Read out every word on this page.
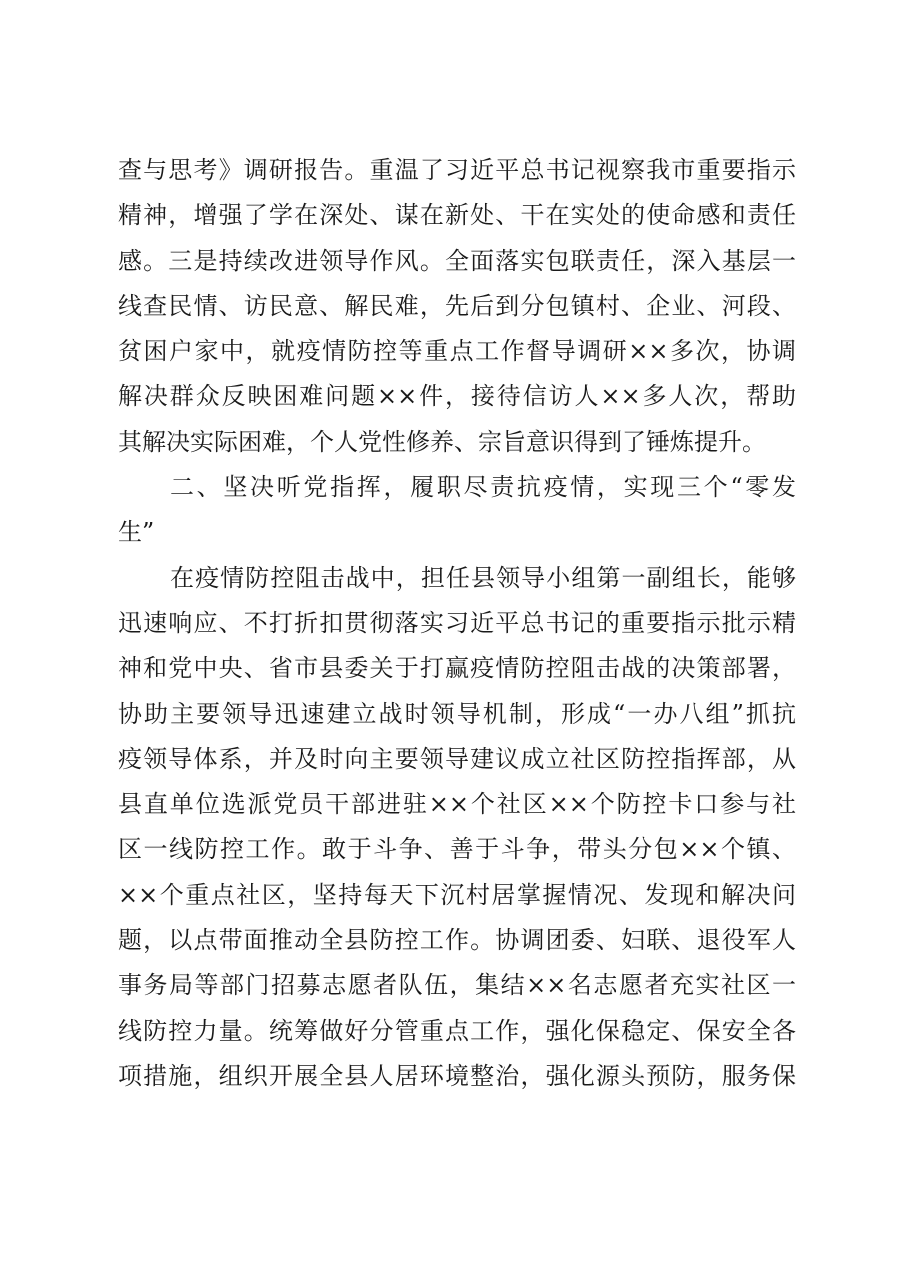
查与思考》调研报告。重温了习近平总书记视察我市重要指示
精神，增强了学在深处、谋在新处、干在实处的使命感和责任
感。三是持续改进领导作风。全面落实包联责任，深入基层一
线查民情、访民意、解民难，先后到分包镇村、企业、河段、
贫困户家中，就疫情防控等重点工作督导调研××多次，协调
解决群众反映困难问题××件，接待信访人××多人次，帮助
其解决实际困难，个人党性修养、宗旨意识得到了锤炼提升。
二、坚决听党指挥，履职尽责抗疫情，实现三个“零发
生”
在疫情防控阻击战中，担任县领导小组第一副组长，能够
迅速响应、不打折扣贯彻落实习近平总书记的重要指示批示精
神和党中央、省市县委关于打赢疫情防控阻击战的决策部署，
协助主要领导迅速建立战时领导机制，形成“一办八组”抓抗
疫领导体系，并及时向主要领导建议成立社区防控指挥部，从
县直单位选派党员干部进驻××个社区××个防控卡口参与社
区一线防控工作。敢于斗争、善于斗争，带头分包××个镇、
××个重点社区，坚持每天下沉村居掌握情况、发现和解决问
题，以点带面推动全县防控工作。协调团委、妇联、退役军人
事务局等部门招募志愿者队伍，集结××名志愿者充实社区一
线防控力量。统筹做好分管重点工作，强化保稳定、保安全各
项措施，组织开展全县人居环境整治，强化源头预防，服务保
